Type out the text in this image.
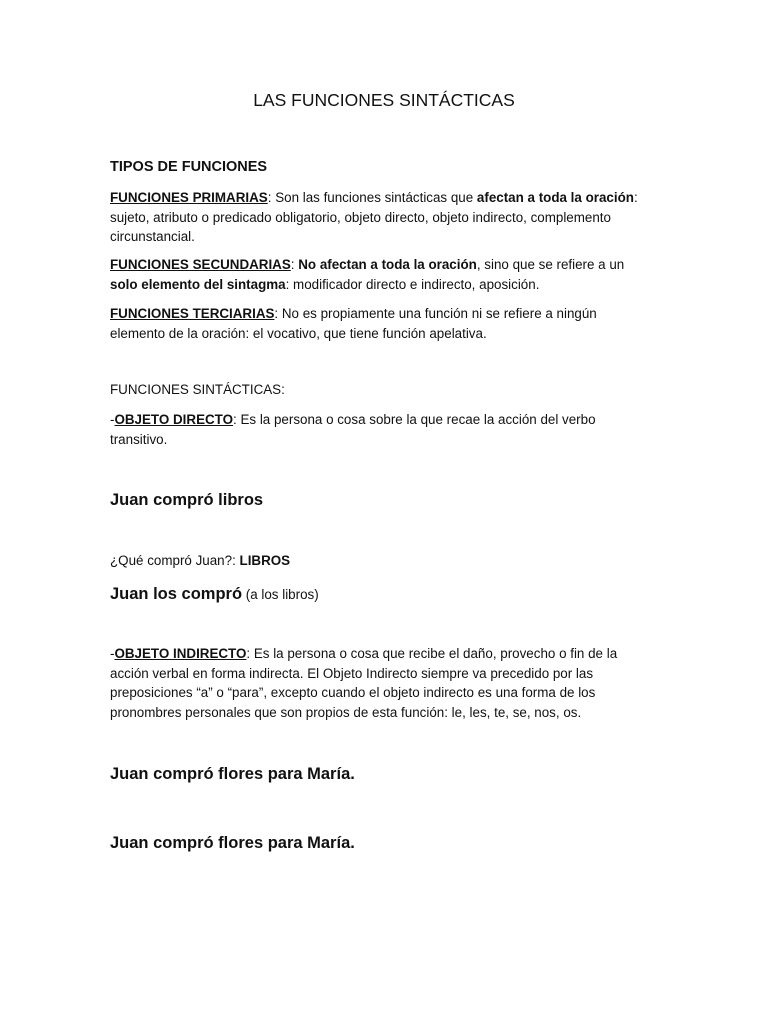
LAS FUNCIONES SINTÁCTICAS
TIPOS DE FUNCIONES
FUNCIONES PRIMARIAS: Son las funciones sintácticas que afectan a toda la oración: sujeto, atributo o predicado obligatorio, objeto directo, objeto indirecto, complemento circunstancial.
FUNCIONES SECUNDARIAS: No afectan a toda la oración, sino que se refiere a un solo elemento del sintagma: modificador directo e indirecto, aposición.
FUNCIONES TERCIARIAS: No es propiamente una función ni se refiere a ningún elemento de la oración: el vocativo, que tiene función apelativa.
FUNCIONES SINTÁCTICAS:
-OBJETO DIRECTO: Es la persona o cosa sobre la que recae la acción del verbo transitivo.
Juan compró libros
¿Qué compró Juan?: LIBROS
Juan los compró (a los libros)
-OBJETO INDIRECTO: Es la persona o cosa que recibe el daño, provecho o fin de la acción verbal en forma indirecta. El Objeto Indirecto siempre va precedido por las preposiciones “a” o “para”, excepto cuando el objeto indirecto es una forma de los pronombres personales que son propios de esta función: le, les, te, se, nos, os.
Juan compró flores para María.
Juan compró flores para María.
